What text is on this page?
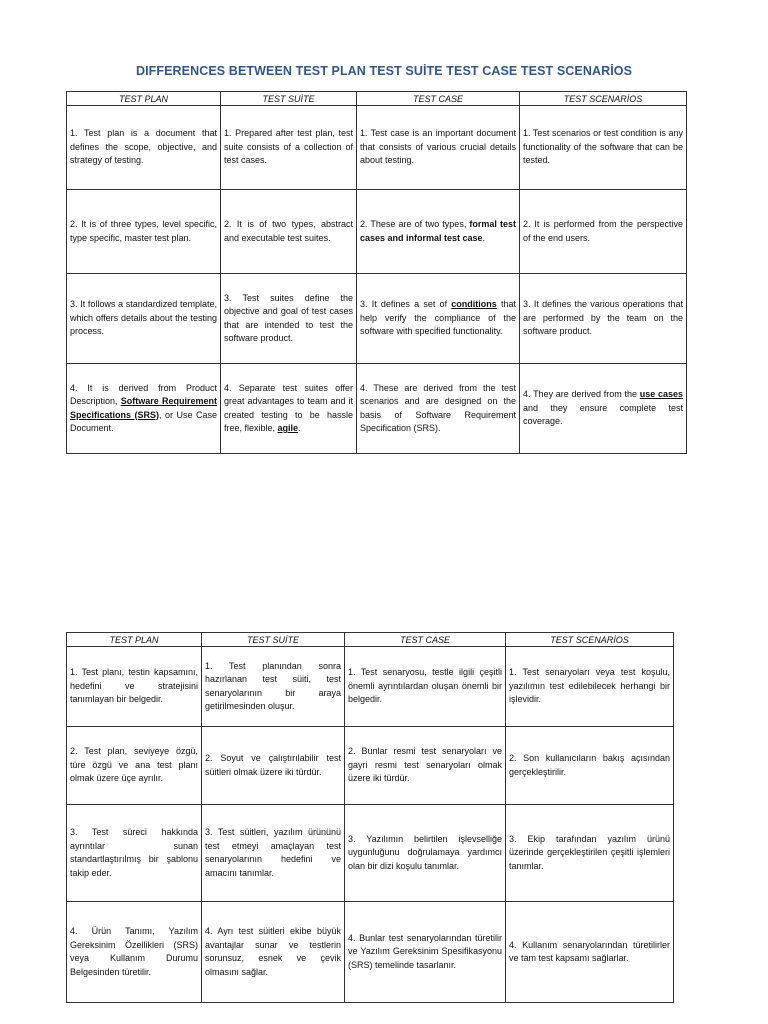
DIFFERENCES BETWEEN TEST PLAN TEST SUİTE TEST CASE TEST SCENARİOS
TEST PLAN	TEST SUİTE	TEST CASE	TEST SCENARİOS
1. Test plan is a document that defines the scope, objective, and strategy of testing.	1. Prepared after test plan, test suite consists of a collection of test cases.	1. Test case is an important document that consists of various crucial details about testing.	1. Test scenarios or test condition is any functionality of the software that can be tested.
2. It is of three types, level specific, type specific, master test plan.	2. It is of two types, abstract and executable test suites.	2. These are of two types, formal test cases and informal test case.	2. It is performed from the perspective of the end users.
3. It follows a standardized template, which offers details about the testing process.	3. Test suites define the objective and goal of test cases that are intended to test the software product.	3. It defines a set of conditions that help verify the compliance of the software with specified functionality.	3. It defines the various operations that are performed by the team on the software product.
4. It is derived from Product Description, Software Requirement Specifications (SRS), or Use Case Document.	4. Separate test suites offer great advantages to team and it created testing to be hassle free, flexible, agile.	4. These are derived from the test scenarios and are designed on the basis of Software Requirement Specification (SRS).	4. They are derived from the use cases and they ensure complete test coverage.
TEST PLAN	TEST SUİTE	TEST CASE	TEST SCENARİOS
1. Test planı, testin kapsamını, hedefini ve stratejisini tanımlayan bir belgedir.	1. Test planından sonra hazırlanan test süiti, test senaryolarının bir araya getirilmesinden oluşur.	1. Test senaryosu, testle ilgili çeşitli önemli ayrıntılardan oluşan önemli bir belgedir.	1. Test senaryoları veya test koşulu, yazılımın test edilebilecek herhangi bir işlevidir.
2. Test plan, seviyeye özgü, türe özgü ve ana test planı olmak üzere üçe ayrılır.	2. Soyut ve çalıştırılabilir test süitleri olmak üzere iki türdür.	2. Bunlar resmi test senaryoları ve gayri resmi test senaryoları olmak üzere iki türdür.	2. Son kullanıcıların bakış açısından gerçekleştirilir.
3. Test süreci hakkında ayrıntılar sunan standartlaştırılmış bir şablonu takip eder.	3. Test süitleri, yazılım ürününü test etmeyi amaçlayan test senaryolarının hedefini ve amacını tanımlar.	3. Yazılımın belirtilen işlevselliğe uygunluğunu doğrulamaya yardımcı olan bir dizi koşulu tanımlar.	3. Ekip tarafından yazılım ürünü üzerinde gerçekleştirilen çeşitli işlemleri tanımlar.
4. Ürün Tanımı, Yazılım Gereksinim Özellikleri (SRS) veya Kullanım Durumu Belgesinden türetilir.	4. Ayrı test süitleri ekibe büyük avantajlar sunar ve testlerin sorunsuz, esnek ve çevik olmasını sağlar.	4. Bunlar test senaryolarından türetilir ve Yazılım Gereksinim Spesifikasyonu (SRS) temelinde tasarlanır.	4. Kullanım senaryolarından türetilirler ve tam test kapsamı sağlarlar.
